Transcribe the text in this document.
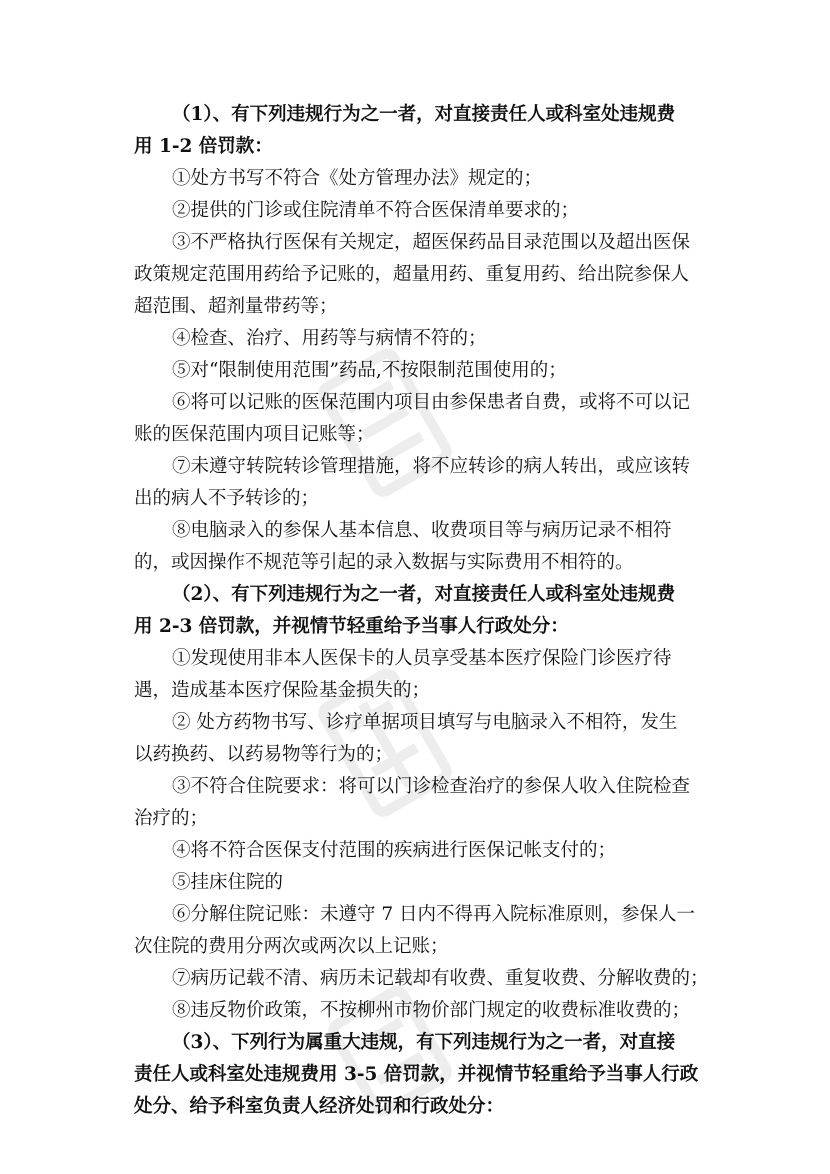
（1）、有下列违规行为之一者，对直接责任人或科室处违规费
用 1-2 倍罚款：
①处方书写不符合《处方管理办法》规定的；
②提供的门诊或住院清单不符合医保清单要求的；
③不严格执行医保有关规定，超医保药品目录范围以及超出医保
政策规定范围用药给予记账的，超量用药、重复用药、给出院参保人
超范围、超剂量带药等；
④检查、治疗、用药等与病情不符的；
⑤对“限制使用范围”药品,不按限制范围使用的；
⑥将可以记账的医保范围内项目由参保患者自费，或将不可以记
账的医保范围内项目记账等；
⑦未遵守转院转诊管理措施，将不应转诊的病人转出，或应该转
出的病人不予转诊的；
⑧电脑录入的参保人基本信息、收费项目等与病历记录不相符
的，或因操作不规范等引起的录入数据与实际费用不相符的。
（2）、有下列违规行为之一者，对直接责任人或科室处违规费
用 2-3 倍罚款，并视情节轻重给予当事人行政处分：
①发现使用非本人医保卡的人员享受基本医疗保险门诊医疗待
遇，造成基本医疗保险基金损失的；
② 处方药物书写、诊疗单据项目填写与电脑录入不相符，发生
以药换药、以药易物等行为的；
③不符合住院要求：将可以门诊检查治疗的参保人收入住院检查
治疗的；
④将不符合医保支付范围的疾病进行医保记帐支付的；
⑤挂床住院的
⑥分解住院记账：未遵守 7 日内不得再入院标准原则，参保人一
次住院的费用分两次或两次以上记账；
⑦病历记载不清、病历未记载却有收费、重复收费、分解收费的；
⑧违反物价政策，不按柳州市物价部门规定的收费标准收费的；
（3）、下列行为属重大违规，有下列违规行为之一者，对直接
责任人或科室处违规费用 3-5 倍罚款，并视情节轻重给予当事人行政
处分、给予科室负责人经济处罚和行政处分：
